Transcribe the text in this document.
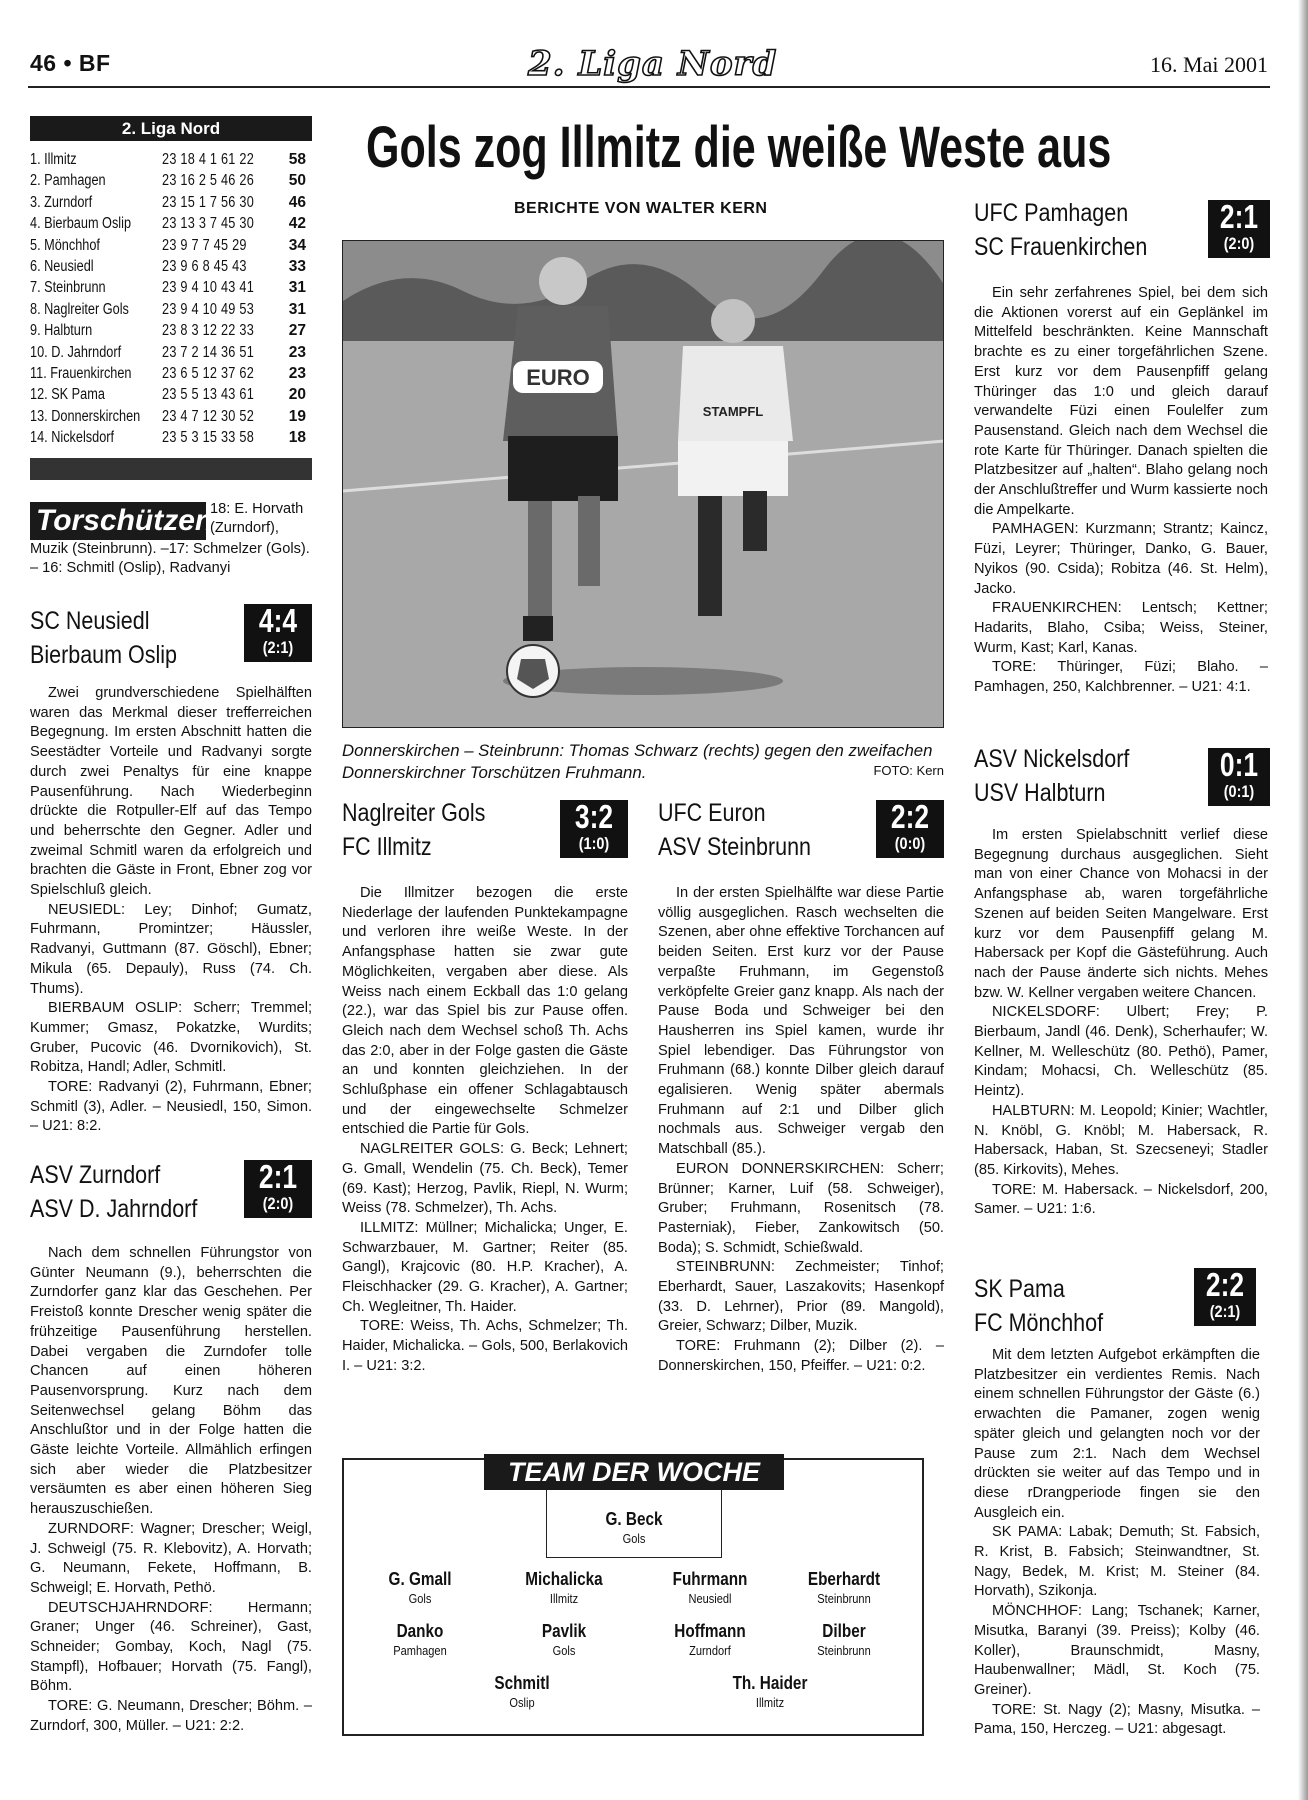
46 • BF	2. Liga Nord	16. Mai 2001
2. Liga Nord
1. Illmitz	23 18 4 1 61 22	58
2. Pamhagen	23 16 2 5 46 26	50
3. Zurndorf	23 15 1 7 56 30	46
4. Bierbaum Oslip	23 13 3 7 45 30	42
5. Mönchhof	23 9 7 7 45 29	34
6. Neusiedl	23 9 6 8 45 43	33
7. Steinbrunn	23 9 4 10 43 41	31
8. Naglreiter Gols	23 9 4 10 49 53	31
9. Halbturn	23 8 3 12 22 33	27
10. D. Jahrndorf	23 7 2 14 36 51	23
11. Frauenkirchen	23 6 5 12 37 62	23
12. SK Pama	23 5 5 13 43 61	20
13. Donnerskirchen 23 4 7 12 30 52	19
14. Nickelsdorf	23 5 3 15 33 58	18
Torschützen
18: E. Horvath (Zurndorf),
Muzik (Steinbrunn). –17: Schmelzer (Gols). – 16: Schmitl (Oslip), Radvanyi
Gols zog Illmitz die weiße Weste aus
BERICHTE VON WALTER KERN
EURO
STAMPFL
Donnerskirchen – Steinbrunn: Thomas Schwarz (rechts) gegen den zweifachen Donnerskirchner Torschützen Fruhmann.	FOTO: Kern
SC Neusiedl
Bierbaum Oslip
4:4
(2:1)

Zwei grundverschiedene Spielhälften waren das Merkmal dieser trefferreichen Begegnung. Im ersten Abschnitt hatten die Seestädter Vorteile und Radvanyi sorgte durch zwei Penaltys für eine knappe Pausenführung. Nach Wiederbeginn drückte die Rotpuller-Elf auf das Tempo und beherrschte den Gegner. Adler und zweimal Schmitl waren da erfolgreich und brachten die Gäste in Front, Ebner zog vor Spielschluß gleich.

NEUSIEDL: Ley; Dinhof; Gumatz, Fuhrmann, Promintzer; Häussler, Radvanyi, Guttmann (87. Göschl), Ebner; Mikula (65. Depauly), Russ (74. Ch. Thums).

BIERBAUM OSLIP: Scherr; Tremmel; Kummer; Gmasz, Pokatzke, Wurdits; Gruber, Pucovic (46. Dvornikovich), St. Robitza, Handl; Adler, Schmitl.

TORE: Radvanyi (2), Fuhrmann, Ebner; Schmitl (3), Adler. – Neusiedl, 150, Simon. – U21: 8:2.

ASV Zurndorf
ASV D. Jahrndorf
2:1
(2:0)

Nach dem schnellen Führungstor von Günter Neumann (9.), beherrschten die Zurndorfer ganz klar das Geschehen. Per Freistoß konnte Drescher wenig später die frühzeitige Pausenführung herstellen. Dabei vergaben die Zurndofer tolle Chancen auf einen höheren Pausenvorsprung. Kurz nach dem Seitenwechsel gelang Böhm das Anschlußtor und in der Folge hatten die Gäste leichte Vorteile. Allmählich erfingen sich aber wieder die Platzbesitzer versäumten es aber einen höheren Sieg herauszuschießen.

ZURNDORF: Wagner; Drescher; Weigl, J. Schweigl (75. R. Klebovitz), A. Horvath; G. Neumann, Fekete, Hoffmann, B. Schweigl; E. Horvath, Pethö.

DEUTSCHJAHRNDORF: Hermann; Graner; Unger (46. Schreiner), Gast, Schneider; Gombay, Koch, Nagl (75. Stampfl), Hofbauer; Horvath (75. Fangl), Böhm.

TORE: G. Neumann, Drescher; Böhm. – Zurndorf, 300, Müller. – U21: 2:2.

Naglreiter Gols
FC Illmitz
3:2
(1:0)

Die Illmitzer bezogen die erste Niederlage der laufenden Punktekampagne und verloren ihre weiße Weste. In der Anfangsphase hatten sie zwar gute Möglichkeiten, vergaben aber diese. Als Weiss nach einem Eckball das 1:0 gelang (22.), war das Spiel bis zur Pause offen. Gleich nach dem Wechsel schoß Th. Achs das 2:0, aber in der Folge gasten die Gäste an und konnten gleichziehen. In der Schlußphase ein offener Schlagabtausch und der eingewechselte Schmelzer entschied die Partie für Gols.

NAGLREITER GOLS: G. Beck; Lehnert; G. Gmall, Wendelin (75. Ch. Beck), Temer (69. Kast); Herzog, Pavlik, Riepl, N. Wurm; Weiss (78. Schmelzer), Th. Achs.

ILLMITZ: Müllner; Michalicka; Unger, E. Schwarzbauer, M. Gartner; Reiter (85. Gangl), Krajcovic (80. H.P. Kracher), A. Fleischhacker (29. G. Kracher), A. Gartner; Ch. Wegleitner, Th. Haider.

TORE: Weiss, Th. Achs, Schmelzer; Th. Haider, Michalicka. – Gols, 500, Berlakovich I. – U21: 3:2.

UFC Euron
ASV Steinbrunn
2:2
(0:0)

In der ersten Spielhälfte war diese Partie völlig ausgeglichen. Rasch wechselten die Szenen, aber ohne effektive Torchancen auf beiden Seiten. Erst kurz vor der Pause verpaßte Fruhmann, im Gegenstoß verköpfelte Greier ganz knapp. Als nach der Pause Boda und Schweiger bei den Hausherren ins Spiel kamen, wurde ihr Spiel lebendiger. Das Führungstor von Fruhmann (68.) konnte Dilber gleich darauf egalisieren. Wenig später abermals Fruhmann auf 2:1 und Dilber glich nochmals aus. Schweiger vergab den Matschball (85.).

EURON DONNERSKIRCHEN: Scherr; Brünner; Karner, Luif (58. Schweiger), Gruber; Fruhmann, Rosenitsch (78. Pasterniak), Fieber, Zankowitsch (50. Boda); S. Schmidt, Schießwald.

STEINBRUNN: Zechmeister; Tinhof; Eberhardt, Sauer, Laszakovits; Hasenkopf (33. D. Lehrner), Prior (89. Mangold), Greier, Schwarz; Dilber, Muzik.

TORE: Fruhmann (2); Dilber (2). – Donnerskirchen, 150, Pfeiffer. – U21: 0:2.

UFC Pamhagen
SC Frauenkirchen
2:1
(2:0)

Ein sehr zerfahrenes Spiel, bei dem sich die Aktionen vorerst auf ein Geplänkel im Mittelfeld beschränkten. Keine Mannschaft brachte es zu einer torgefährlichen Szene. Erst kurz vor dem Pausenpfiff gelang Thüringer das 1:0 und gleich darauf verwandelte Füzi einen Foulelfer zum Pausenstand. Gleich nach dem Wechsel die rote Karte für Thüringer. Danach spielten die Platzbesitzer auf „halten“. Blaho gelang noch der Anschlußtreffer und Wurm kassierte noch die Ampelkarte.

PAMHAGEN: Kurzmann; Strantz; Kaincz, Füzi, Leyrer; Thüringer, Danko, G. Bauer, Nyikos (90. Csida); Robitza (46. St. Helm), Jacko.

FRAUENKIRCHEN: Lentsch; Kettner; Hadarits, Blaho, Csiba; Weiss, Steiner, Wurm, Kast; Karl, Kanas.

TORE: Thüringer, Füzi; Blaho. – Pamhagen, 250, Kalchbrenner. – U21: 4:1.

ASV Nickelsdorf
USV Halbturn
0:1
(0:1)

Im ersten Spielabschnitt verlief diese Begegnung durchaus ausgeglichen. Sieht man von einer Chance von Mohacsi in der Anfangsphase ab, waren torgefährliche Szenen auf beiden Seiten Mangelware. Erst kurz vor dem Pausenpfiff gelang M. Habersack per Kopf die Gästeführung. Auch nach der Pause änderte sich nichts. Mehes bzw. W. Kellner vergaben weitere Chancen.

NICKELSDORF: Ulbert; Frey; P. Bierbaum, Jandl (46. Denk), Scherhaufer; W. Kellner, M. Welleschütz (80. Pethö), Pamer, Kindam; Mohacsi, Ch. Welleschütz (85. Heintz).

HALBTURN: M. Leopold; Kinier; Wachtler, N. Knöbl, G. Knöbl; M. Habersack, R. Habersack, Haban, St. Szecseneyi; Stadler (85. Kirkovits), Mehes.

TORE: M. Habersack. – Nickelsdorf, 200, Samer. – U21: 1:6.

SK Pama
FC Mönchhof
2:2
(2:1)

Mit dem letzten Aufgebot erkämpften die Platzbesitzer ein verdientes Remis. Nach einem schnellen Führungstor der Gäste (6.) erwachten die Pamaner, zogen wenig später gleich und gelangten noch vor der Pause zum 2:1. Nach dem Wechsel drückten sie weiter auf das Tempo und in diese rDrangperiode fingen sie den Ausgleich ein.

SK PAMA: Labak; Demuth; St. Fabsich, R. Krist, B. Fabsich; Steinwandtner, St. Nagy, Bedek, M. Krist; M. Steiner (84. Horvath), Szikonja.

MÖNCHHOF: Lang; Tschanek; Karner, Misutka, Baranyi (39. Preiss); Kolby (46. Koller), Braunschmidt, Masny, Haubenwallner; Mädl, St. Koch (75. Greiner).

TORE: St. Nagy (2); Masny, Misutka. – Pama, 150, Herczeg. – U21: abgesagt.

TEAM DER WOCHE
G. Beck
Gols
G. Gmall
Gols
Michalicka
Illmitz
Fuhrmann
Neusiedl
Eberhardt
Steinbrunn
Danko
Pamhagen
Pavlik
Gols
Hoffmann
Zurndorf
Dilber
Steinbrunn
Schmitl
Oslip
Th. Haider
Illmitz
